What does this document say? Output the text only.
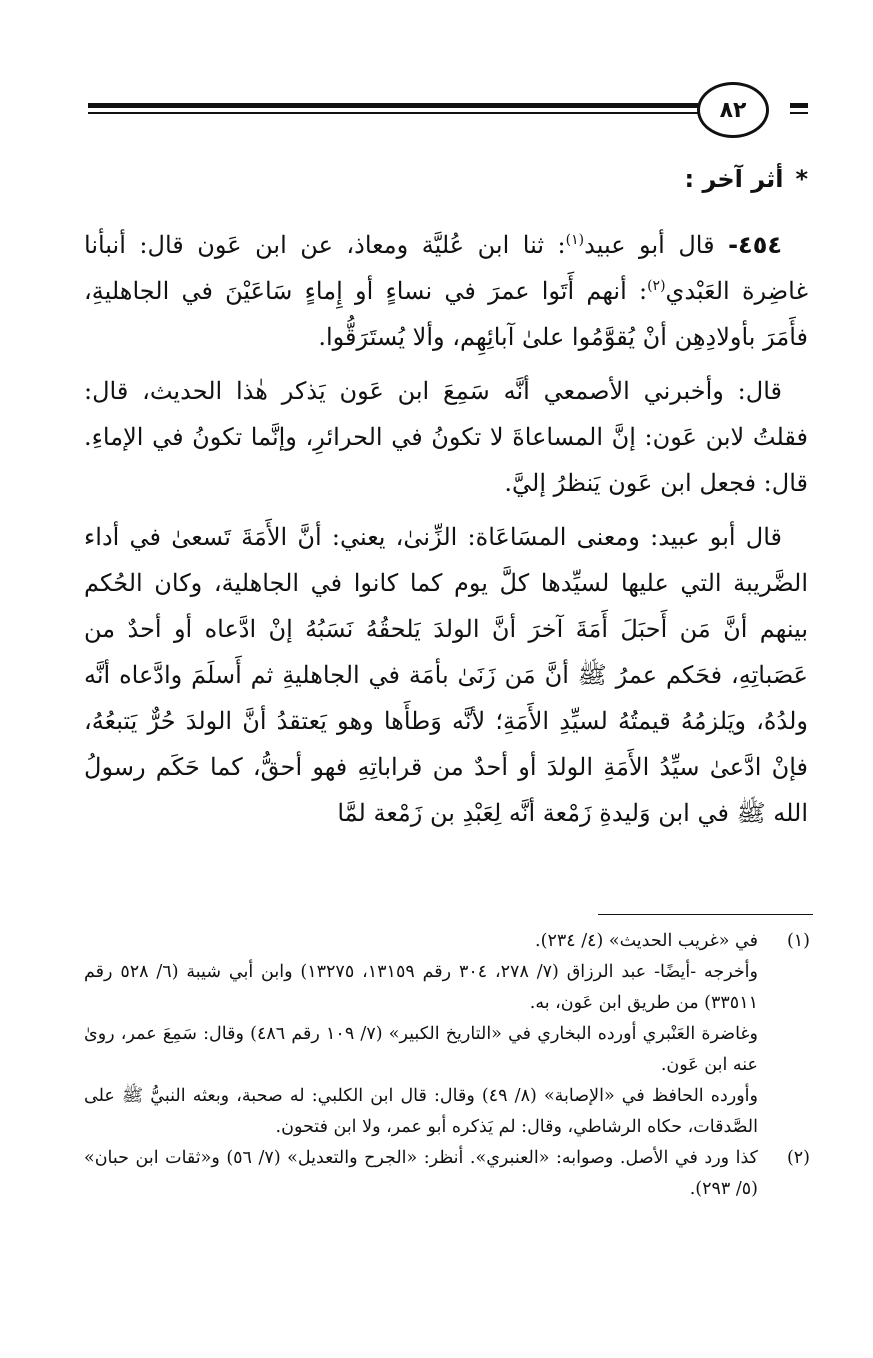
٨٢
*أثر آخر :

٤٥٤- قال أبو عبيد$^{(١)}$: ثنا ابن عُليَّة ومعاذ، عن ابن عَون قال: أنبأنا غاضِرة العَبْدي$^{(٢)}$: أنهم أَتَوا عمرَ في نساءٍ أو إِماءٍ سَاعَيْنَ في الجاهليةِ، فأَمَرَ بأولادِهِن أنْ يُقوَّمُوا علىٰ آبائِهِم، وألا يُستَرَقُّوا.

قال: وأخبرني الأصمعي أنَّه سَمِعَ ابن عَون يَذكر هٰذا الحديث، قال: فقلتُ لابن عَون: إنَّ المساعاةَ لا تكونُ في الحرائرِ، وإنَّما تكونُ في الإماءِ. قال: فجعل ابن عَون يَنظرُ إليَّ.

قال أبو عبيد: ومعنى المسَاعَاة: الزِّنىٰ، يعني: أنَّ الأَمَةَ تَسعىٰ في أداء الضَّريبة التي عليها لسيِّدها كلَّ يوم كما كانوا في الجاهلية، وكان الحُكم بينهم أنَّ مَن أَحبَلَ أَمَةَ آخرَ أنَّ الولدَ يَلحقُهُ نَسَبُهُ إنْ ادَّعاه أو أحدٌ من عَصَباتِهِ، فحَكم عمرُ ﷺ أنَّ مَن زَنَىٰ بأمَة في الجاهليةِ ثم أَسلَمَ وادَّعاه أنَّه ولدُهُ، ويَلزمُهُ قيمتُهُ لسيِّدِ الأَمَةِ؛ لأنَّه وَطأَها وهو يَعتقدُ أنَّ الولدَ حُرٌّ يَتبعُهُ، فإنْ ادَّعىٰ سيِّدُ الأَمَةِ الولدَ أو أحدٌ من قراباتِهِ فهو أحقُّ، كما حَكَم رسولُ الله ﷺ في ابن وَليدةِ زَمْعة أنَّه لِعَبْدِ بن زَمْعة لمَّا

(١)

في «غريب الحديث» (٤/ ٢٣٤).

وأخرجه -أيضًا- عبد الرزاق (٧/ ٢٧٨، ٣٠٤ رقم ١٣١٥٩، ١٣٢٧٥) وابن أبي شيبة (٦/ ٥٢٨ رقم ٣٣٥١١) من طريق ابن عَون، به.

وغاضرة العَنْبري أورده البخاري في «التاريخ الكبير» (٧/ ١٠٩ رقم ٤٨٦) وقال: سَمِعَ عمر، روىٰ عنه ابن عَون.

وأورده الحافظ في «الإصابة» (٨/ ٤٩) وقال: قال ابن الكلبي: له صحبة، وبعثه النبيُّ ﷺ على الصَّدقات، حكاه الرشاطي، وقال: لم يَذكره أبو عمر، ولا ابن فتحون.

(٢)

كذا ورد في الأصل. وصوابه: «العنبري». أنظر: «الجرح والتعديل» (٧/ ٥٦) و«ثقات ابن حبان» (٥/ ٢٩٣).
